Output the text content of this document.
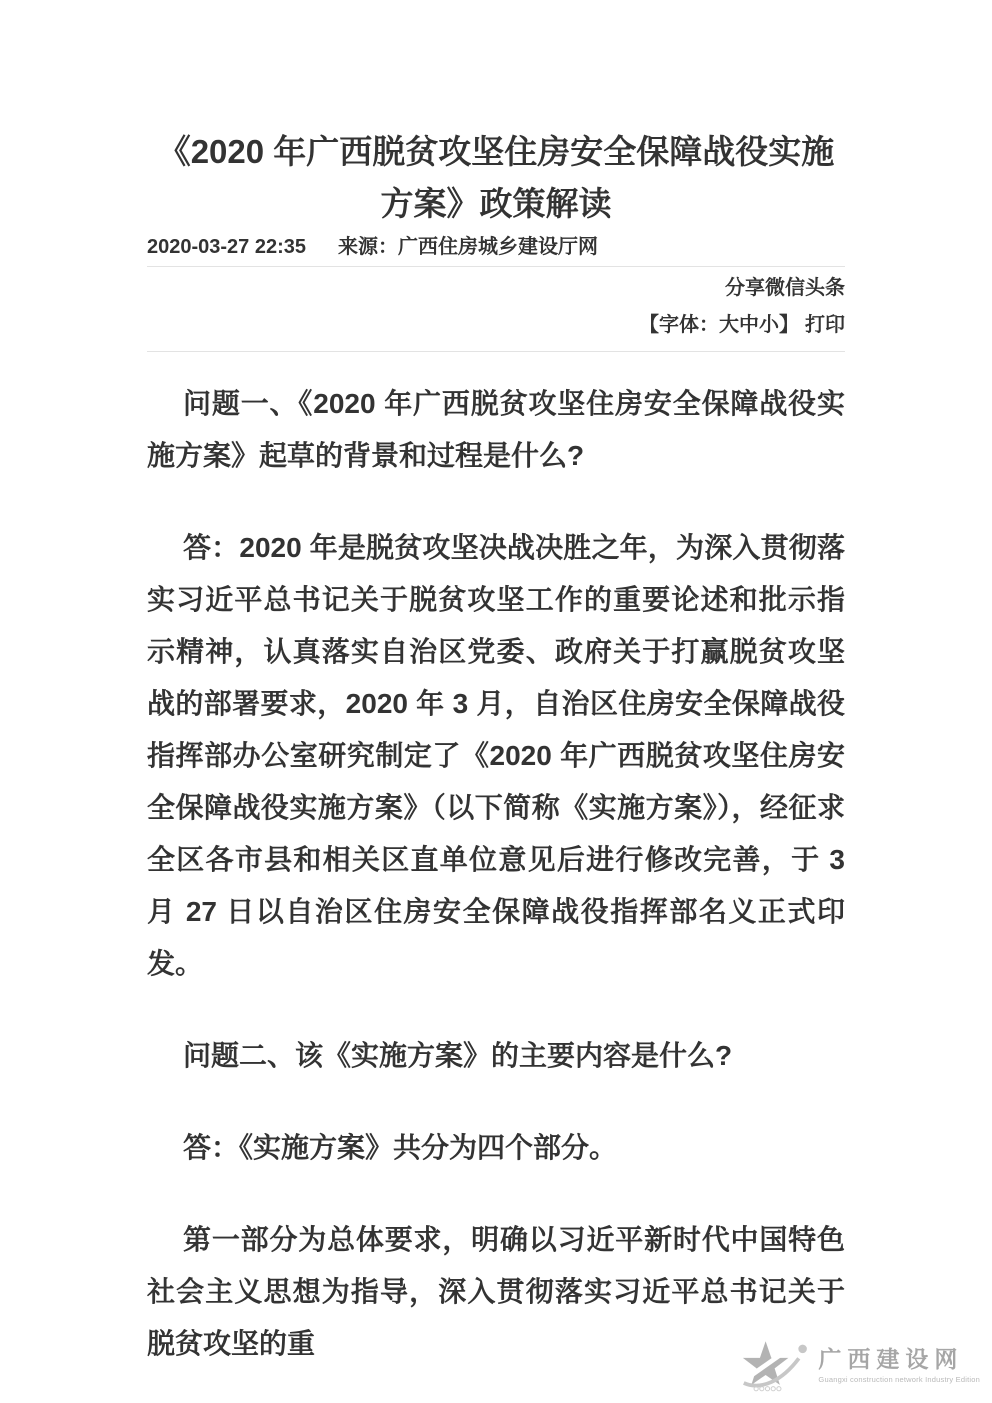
《2020 年广西脱贫攻坚住房安全保障战役实施方案》政策解读
2020-03-27 22:35 来源：广西住房城乡建设厅网
分享微信头条
【字体：大中小】 打印

问题一、《2020 年广西脱贫攻坚住房安全保障战役实施方案》起草的背景和过程是什么?

答：2020 年是脱贫攻坚决战决胜之年，为深入贯彻落实习近平总书记关于脱贫攻坚工作的重要论述和批示指示精神，认真落实自治区党委、政府关于打赢脱贫攻坚战的部署要求，2020 年 3 月，自治区住房安全保障战役指挥部办公室研究制定了《2020 年广西脱贫攻坚住房安全保障战役实施方案》（以下简称《实施方案》），经征求全区各市县和相关区直单位意见后进行修改完善，于 3 月 27 日以自治区住房安全保障战役指挥部名义正式印发。

问题二、该《实施方案》的主要内容是什么?

答：《实施方案》共分为四个部分。

第一部分为总体要求，明确以习近平新时代中国特色社会主义思想为指导，深入贯彻落实习近平总书记关于脱贫攻坚的重	广西建设网
Guangxi construction network Industry Edition
